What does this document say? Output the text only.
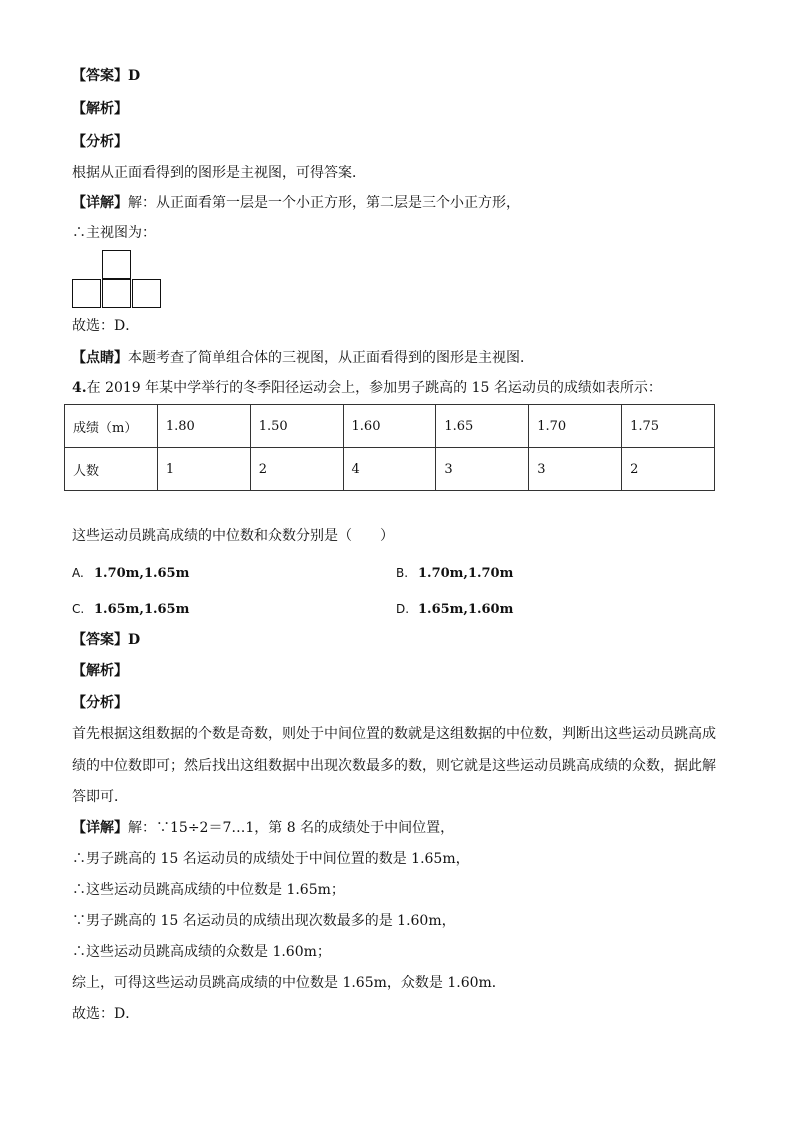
【答案】D
【解析】
【分析】
根据从正面看得到的图形是主视图，可得答案．
【详解】解：从正面看第一层是一个小正方形，第二层是三个小正方形，
∴主视图为：
故选：D．
【点睛】本题考查了简单组合体的三视图，从正面看得到的图形是主视图．
4.在 2019 年某中学举行的冬季阳径运动会上，参加男子跳高的 15 名运动员的成绩如表所示：
成绩（m）	1.80	1.50	1.60	1.65	1.70	1.75
人数	1	2	4	3	3	2
这些运动员跳高成绩的中位数和众数分别是（　　）
A. 1.70m,1.65m	B. 1.70m,1.70m
C. 1.65m,1.65m	D. 1.65m,1.60m
【答案】D
【解析】
【分析】
首先根据这组数据的个数是奇数，则处于中间位置的数就是这组数据的中位数，判断出这些运动员跳高成
绩的中位数即可；然后找出这组数据中出现次数最多的数，则它就是这些运动员跳高成绩的众数，据此解
答即可．
【详解】解：∵15÷2＝7…1，第 8 名的成绩处于中间位置，
∴男子跳高的 15 名运动员的成绩处于中间位置的数是 1.65m，
∴这些运动员跳高成绩的中位数是 1.65m；
∵男子跳高的 15 名运动员的成绩出现次数最多的是 1.60m，
∴这些运动员跳高成绩的众数是 1.60m；
综上，可得这些运动员跳高成绩的中位数是 1.65m，众数是 1.60m．
故选：D．
